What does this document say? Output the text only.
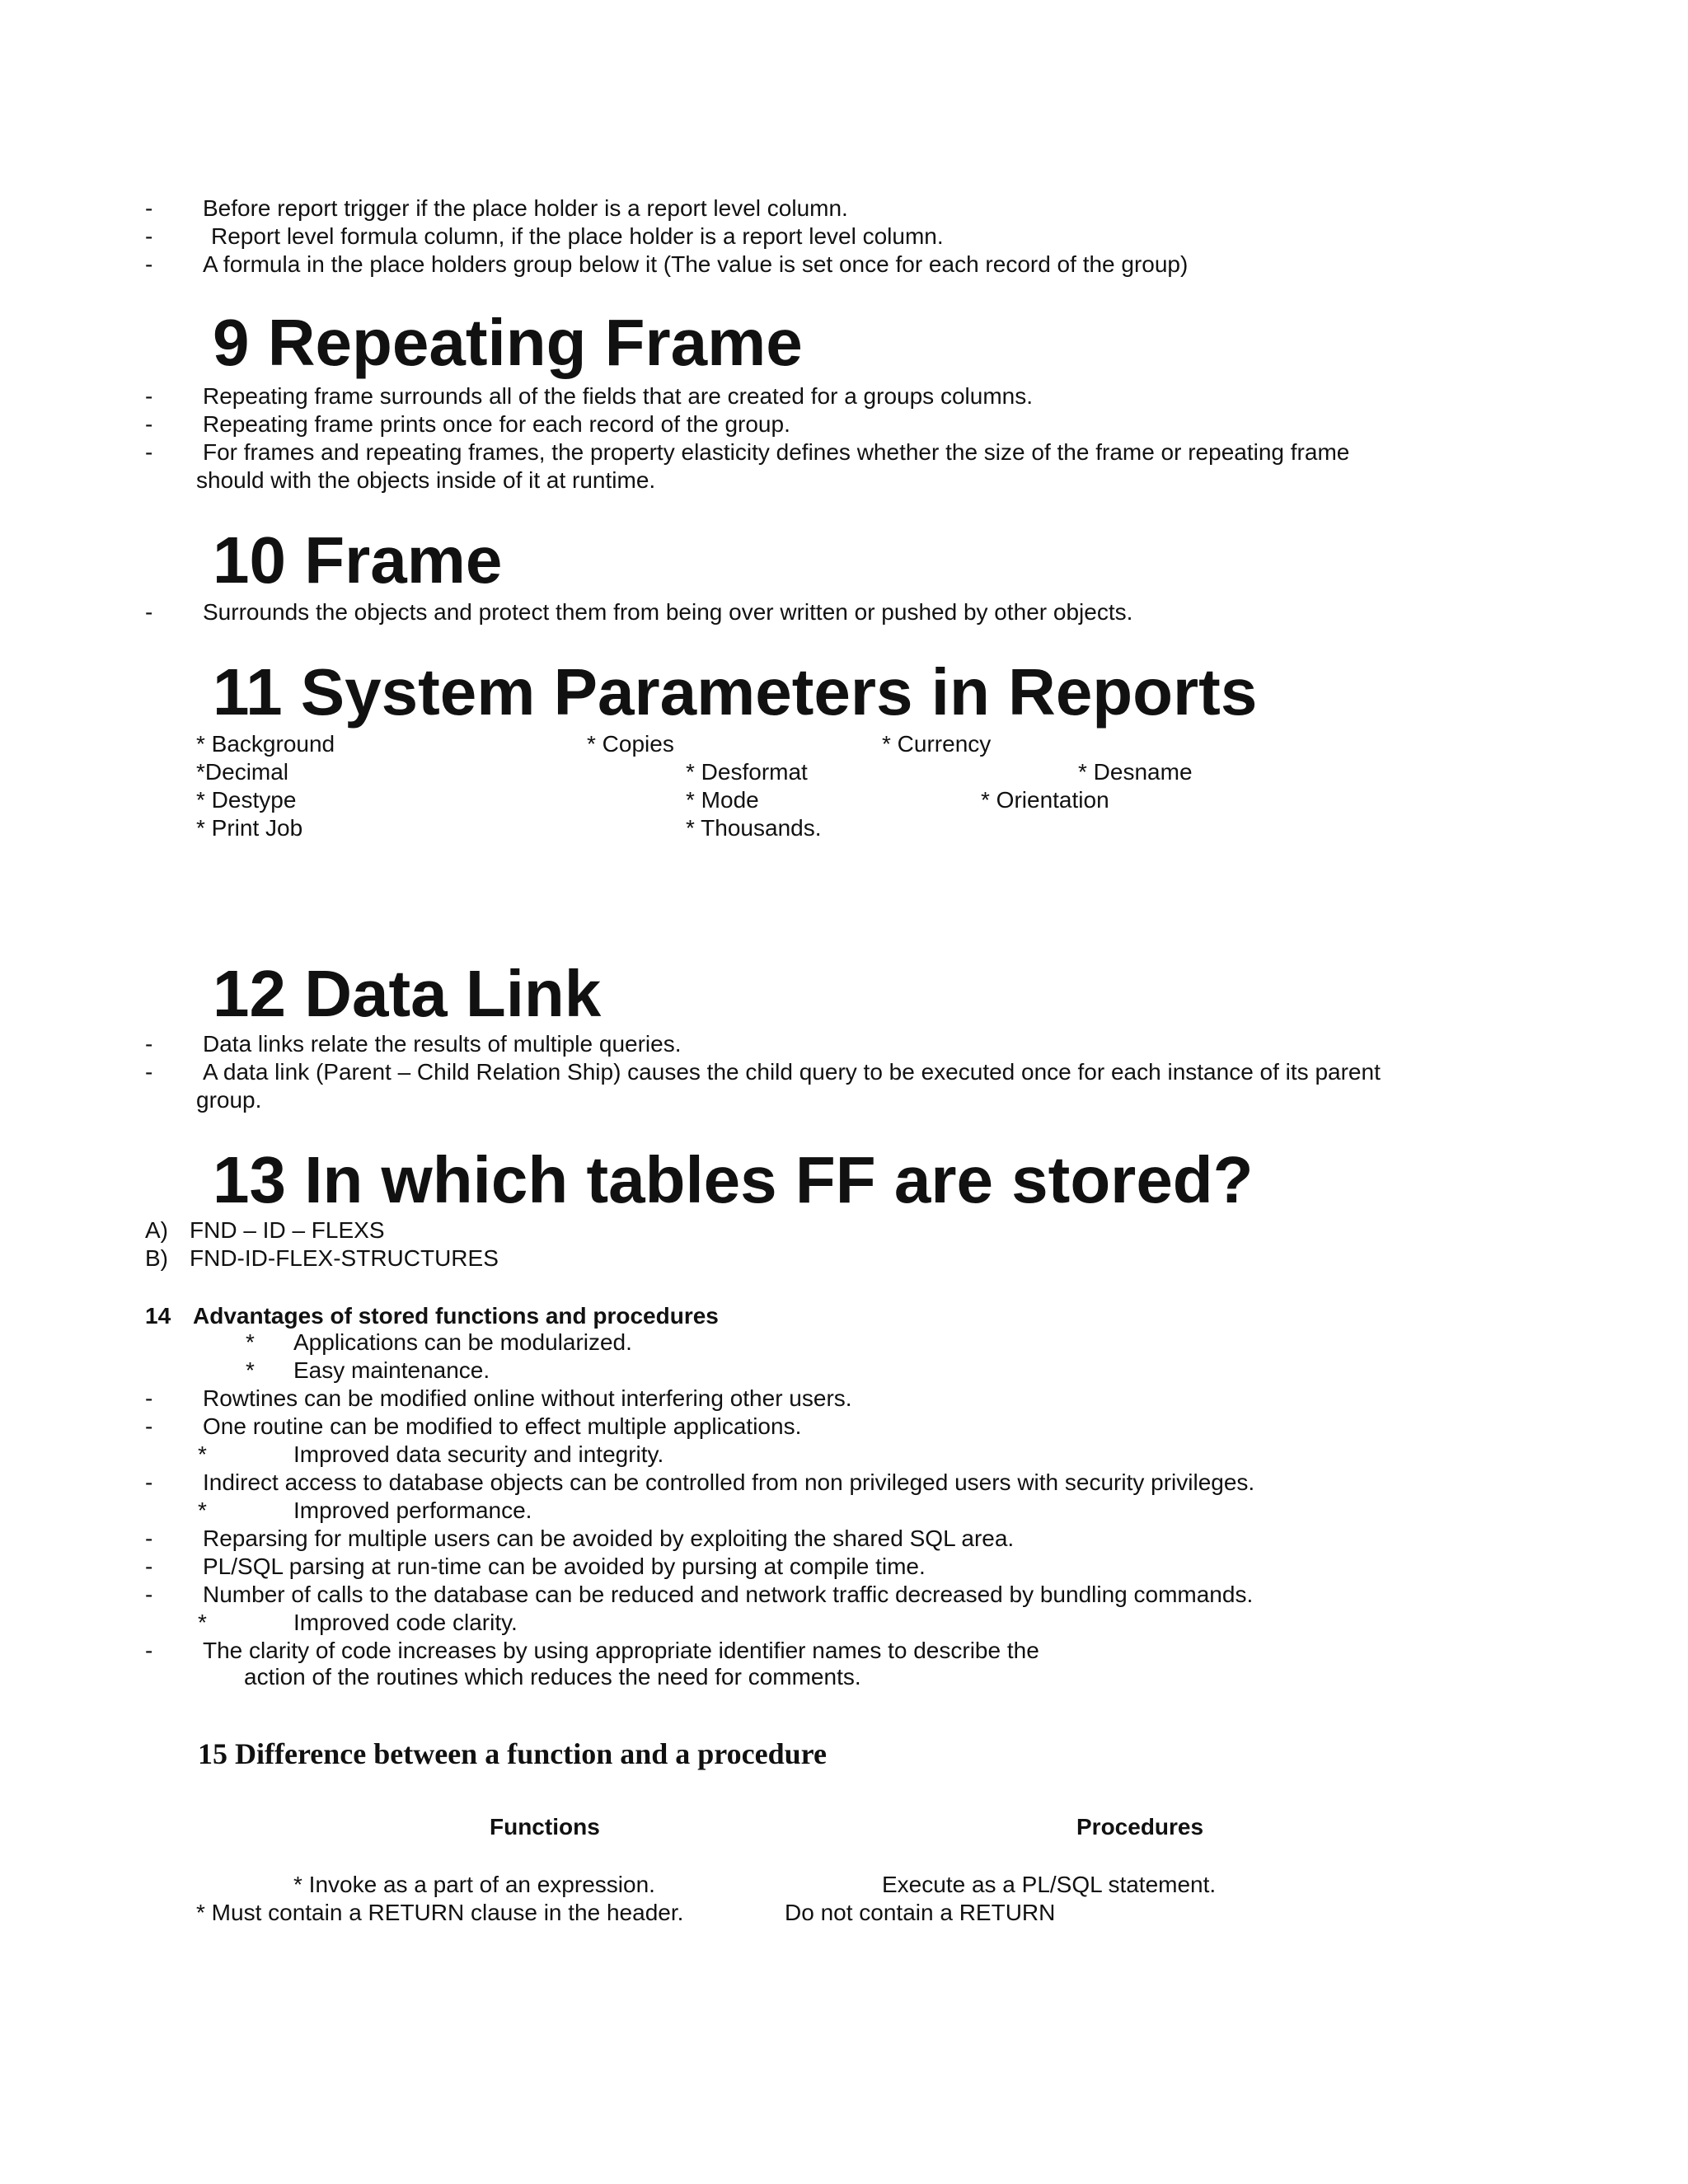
- Before report trigger if the place holder is a report level column.
-	Report level formula column, if the place holder is a report level column.
- A formula in the place holders group below it (The value is set once for each record of the group)
9 Repeating Frame
- Repeating frame surrounds all of the fields that are created for a groups columns.
- Repeating frame prints once for each record of the group.
- For frames and repeating frames, the property elasticity defines whether the size of the frame or repeating frame
should with the objects inside of it at runtime.
10 Frame
- Surrounds the objects and protect them from being over written or pushed by other objects.
11 System Parameters in Reports
* Background	* Copies	* Currency
*Decimal	* Desformat	* Desname
* Destype	* Mode	* Orientation
* Print Job	* Thousands.
12 Data Link
- Data links relate the results of multiple queries.
- A data link (Parent – Child Relation Ship) causes the child query to be executed once for each instance of its parent
group.
13 In which tables FF are stored?
A) FND – ID – FLEXS
B) FND-ID-FLEX-STRUCTURES
14 Advantages of stored functions and procedures
* Applications can be modularized.
* Easy maintenance.
- Rowtines can be modified online without interfering other users.
- One routine can be modified to effect multiple applications.
*	Improved data security and integrity.
- Indirect access to database objects can be controlled from non privileged users with security privileges.
*	Improved performance.
- Reparsing for multiple users can be avoided by exploiting the shared SQL area.
- PL/SQL parsing at run-time can be avoided by pursing at compile time.
- Number of calls to the database can be reduced and network traffic decreased by bundling commands.
*	Improved code clarity.
- The clarity of code increases by using appropriate identifier names to describe the
action of the routines which reduces the need for comments.
15 Difference between a function and a procedure
Functions	Procedures
* Invoke as a part of an expression.	Execute as a PL/SQL statement.
* Must contain a RETURN clause in the header.	Do not contain a RETURN
